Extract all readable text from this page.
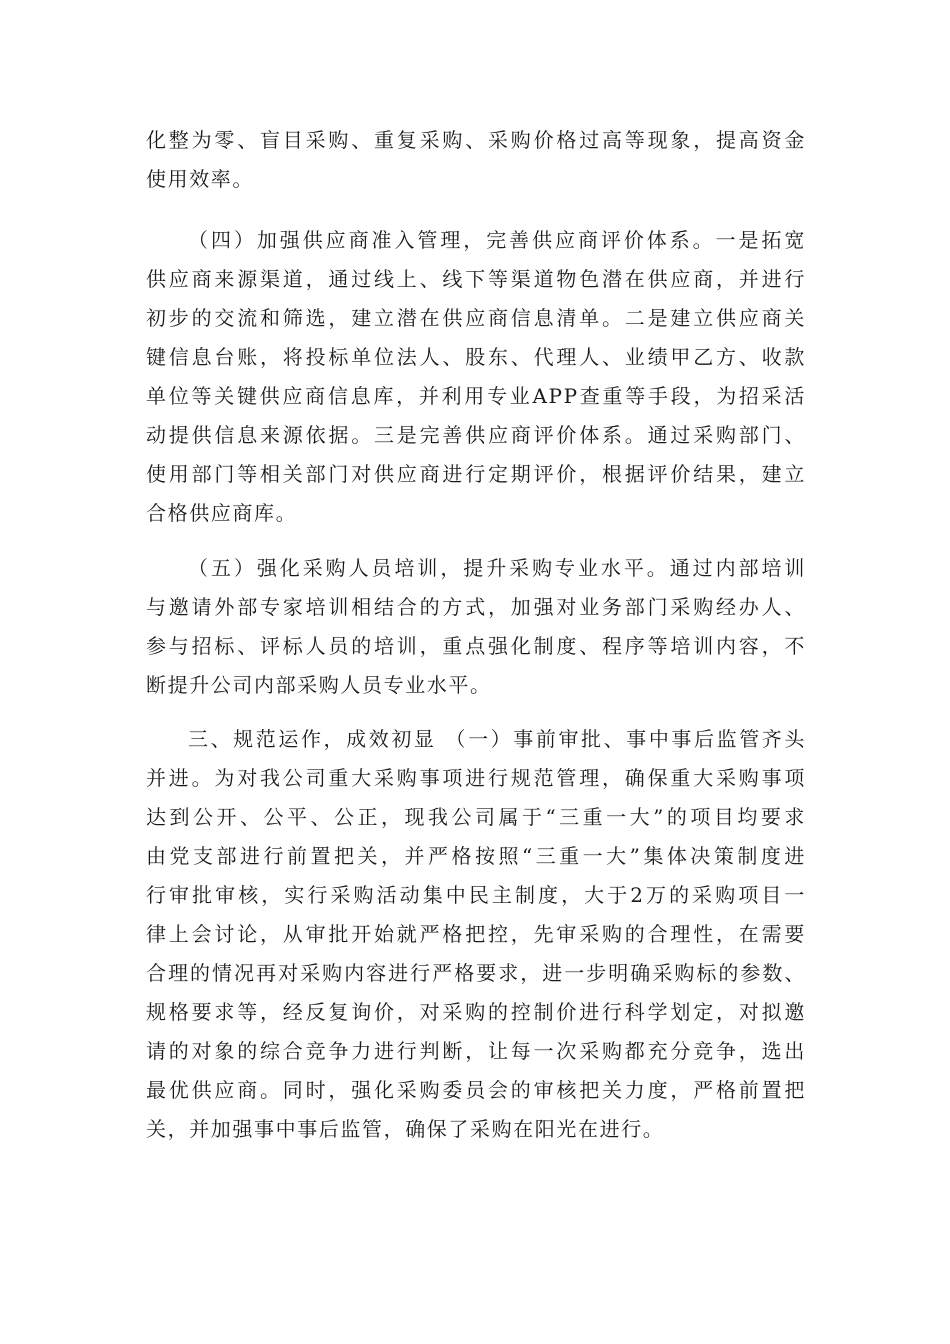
化整为零、盲目采购、重复采购、采购价格过高等现象，提高资金
使用效率。
（四）加强供应商准入管理，完善供应商评价体系。一是拓宽
供应商来源渠道，通过线上、线下等渠道物色潜在供应商，并进行
初步的交流和筛选，建立潜在供应商信息清单。二是建立供应商关
键信息台账，将投标单位法人、股东、代理人、业绩甲乙方、收款
单位等关键供应商信息库，并利用专业APP查重等手段，为招采活
动提供信息来源依据。三是完善供应商评价体系。通过采购部门、
使用部门等相关部门对供应商进行定期评价，根据评价结果，建立
合格供应商库。
（五）强化采购人员培训，提升采购专业水平。通过内部培训
与邀请外部专家培训相结合的方式，加强对业务部门采购经办人、
参与招标、评标人员的培训，重点强化制度、程序等培训内容，不
断提升公司内部采购人员专业水平。
三、规范运作，成效初显 （一）事前审批、事中事后监管齐头
并进。为对我公司重大采购事项进行规范管理，确保重大采购事项
达到公开、公平、公正，现我公司属于“三重一大”的项目均要求
由党支部进行前置把关，并严格按照“三重一大”集体决策制度进
行审批审核，实行采购活动集中民主制度，大于2万的采购项目一
律上会讨论，从审批开始就严格把控，先审采购的合理性，在需要
合理的情况再对采购内容进行严格要求，进一步明确采购标的参数、
规格要求等，经反复询价，对采购的控制价进行科学划定，对拟邀
请的对象的综合竞争力进行判断，让每一次采购都充分竞争，选出
最优供应商。同时，强化采购委员会的审核把关力度，严格前置把
关，并加强事中事后监管，确保了采购在阳光在进行。
